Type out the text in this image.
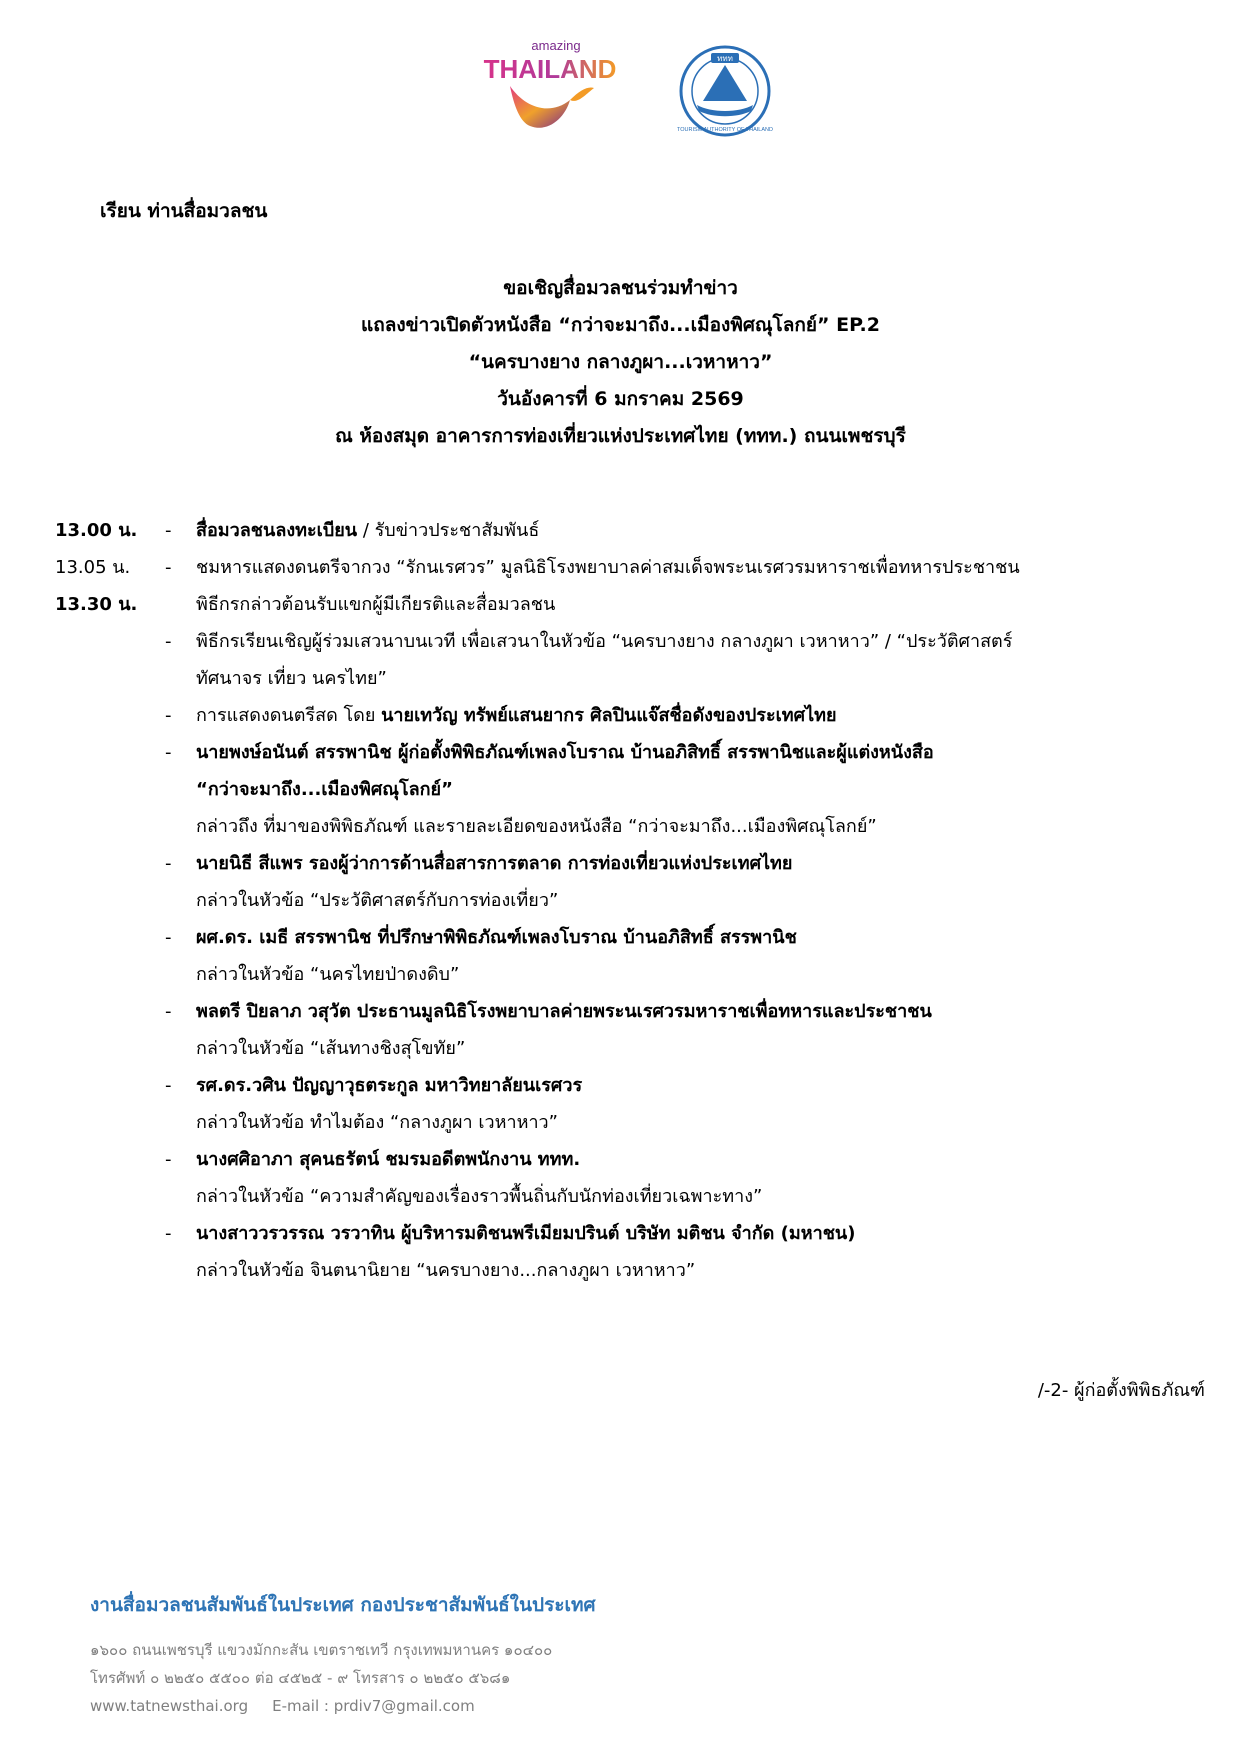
amazing
THAILAND	ททท
TOURISM AUTHORITY OF THAILAND
เรียน ท่านสื่อมวลชน
ขอเชิญสื่อมวลชนร่วมทำข่าว
แถลงข่าวเปิดตัวหนังสือ “กว่าจะมาถึง...เมืองพิศณุโลกย์” EP.2
“นครบางยาง กลางภูผา...เวหาหาว”
วันอังคารที่ 6 มกราคม 2569
ณ ห้องสมุด อาคารการท่องเที่ยวแห่งประเทศไทย (ททท.) ถนนเพชรบุรี
13.00 น.	- สื่อมวลชนลงทะเบียน / รับข่าวประชาสัมพันธ์
13.05 น.	- ชมหารแสดงดนตรีจากวง “รักนเรศวร” มูลนิธิโรงพยาบาลค่าสมเด็จพระนเรศวรมหาราชเพื่อทหารประชาชน
13.30 น.	พิธีกรกล่าวต้อนรับแขกผู้มีเกียรติและสื่อมวลชน
- พิธีกรเรียนเชิญผู้ร่วมเสวนาบนเวที เพื่อเสวนาในหัวข้อ “นครบางยาง กลางภูผา เวหาหาว” / “ประวัติศาสตร์
ทัศนาจร เที่ยว นครไทย”
- การแสดงดนตรีสด โดย นายเทวัญ ทรัพย์แสนยากร ศิลปินแจ๊สชื่อดังของประเทศไทย
- นายพงษ์อนันต์ สรรพานิช ผู้ก่อตั้งพิพิธภัณฑ์เพลงโบราณ บ้านอภิสิทธิ์ สรรพานิชและผู้แต่งหนังสือ
“กว่าจะมาถึง...เมืองพิศณุโลกย์”
กล่าวถึง ที่มาของพิพิธภัณฑ์ และรายละเอียดของหนังสือ “กว่าจะมาถึง...เมืองพิศณุโลกย์”
- นายนิธี สีแพร รองผู้ว่าการด้านสื่อสารการตลาด การท่องเที่ยวแห่งประเทศไทย
กล่าวในหัวข้อ “ประวัติศาสตร์กับการท่องเที่ยว”
- ผศ.ดร. เมธี สรรพานิช ที่ปรึกษาพิพิธภัณฑ์เพลงโบราณ บ้านอภิสิทธิ์ สรรพานิช
กล่าวในหัวข้อ “นครไทยป่าดงดิบ”
- พลตรี ปิยลาภ วสุวัต ประธานมูลนิธิโรงพยาบาลค่ายพระนเรศวรมหาราชเพื่อทหารและประชาชน
กล่าวในหัวข้อ “เส้นทางชิงสุโขทัย”
- รศ.ดร.วศิน ปัญญาวุธตระกูล มหาวิทยาลัยนเรศวร
กล่าวในหัวข้อ ทำไมต้อง “กลางภูผา เวหาหาว”
- นางศศิอาภา สุคนธรัตน์ ชมรมอดีตพนักงาน ททท.
กล่าวในหัวข้อ “ความสำคัญของเรื่องราวพื้นถิ่นกับนักท่องเที่ยวเฉพาะทาง”
- นางสาววรวรรณ วรวาทิน ผู้บริหารมติชนพรีเมียมปรินต์ บริษัท มติชน จำกัด (มหาชน)
กล่าวในหัวข้อ จินตนานิยาย “นครบางยาง...กลางภูผา เวหาหาว”
/-2- ผู้ก่อตั้งพิพิธภัณฑ์
งานสื่อมวลชนสัมพันธ์ในประเทศ กองประชาสัมพันธ์ในประเทศ
๑๖๐๐ ถนนเพชรบุรี แขวงมักกะสัน เขตราชเทวี กรุงเทพมหานคร ๑๐๔๐๐
โทรศัพท์ ๐ ๒๒๕๐ ๕๕๐๐ ต่อ ๔๕๒๕ - ๙ โทรสาร ๐ ๒๒๕๐ ๕๖๘๑
www.tatnewsthai.org E-mail : prdiv7@gmail.com
